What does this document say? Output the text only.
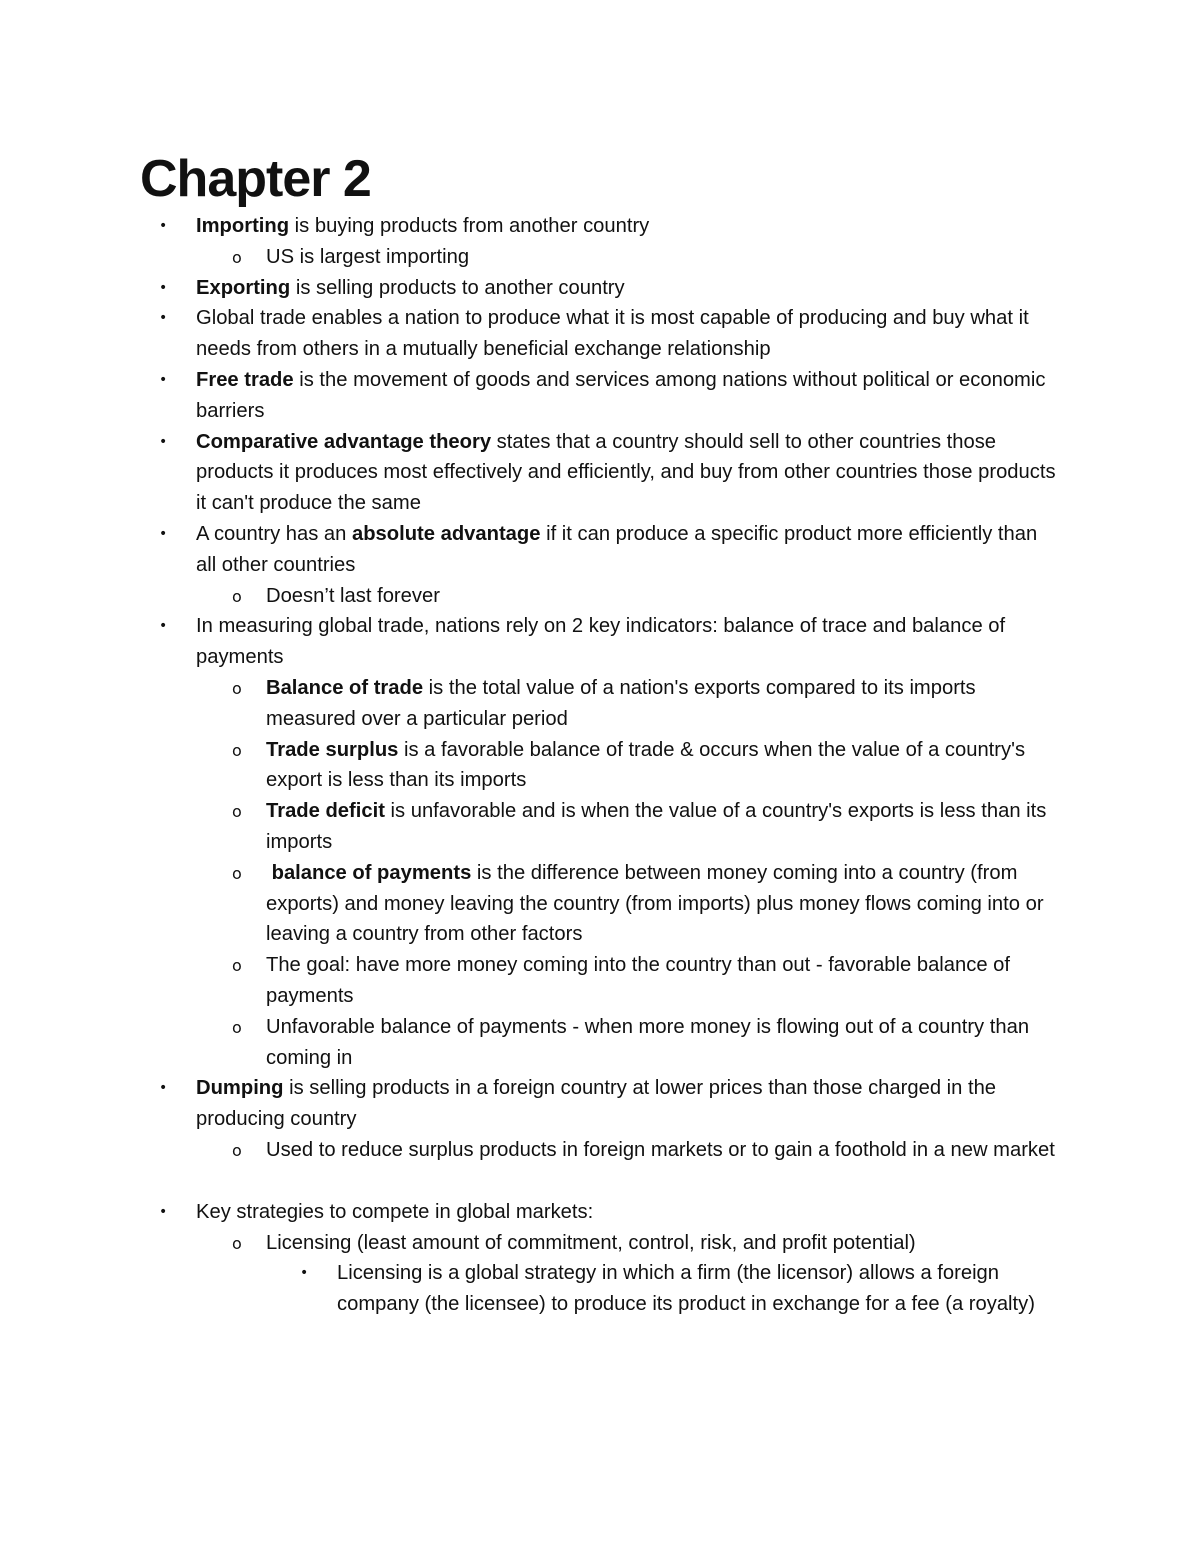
Chapter 2
• Importing is buying products from another country
o US is largest importing
• Exporting is selling products to another country
• Global trade enables a nation to produce what it is most capable of producing and buy what it needs from others in a mutually beneficial exchange relationship
• Free trade is the movement of goods and services among nations without political or economic barriers
• Comparative advantage theory states that a country should sell to other countries those products it produces most effectively and efficiently, and buy from other countries those products it can't produce the same
• A country has an absolute advantage if it can produce a specific product more efficiently than all other countries
o Doesn’t last forever
• In measuring global trade, nations rely on 2 key indicators: balance of trace and balance of payments
o Balance of trade is the total value of a nation's exports compared to its imports measured over a particular period
o Trade surplus is a favorable balance of trade & occurs when the value of a country's export is less than its imports
o Trade deficit is unfavorable and is when the value of a country's exports is less than its imports
o balance of payments is the difference between money coming into a country (from exports) and money leaving the country (from imports) plus money flows coming into or leaving a country from other factors
o The goal: have more money coming into the country than out - favorable balance of payments
o Unfavorable balance of payments - when more money is flowing out of a country than coming in
• Dumping is selling products in a foreign country at lower prices than those charged in the producing country
o Used to reduce surplus products in foreign markets or to gain a foothold in a new market
• Key strategies to compete in global markets:
o Licensing (least amount of commitment, control, risk, and profit potential)
• Licensing is a global strategy in which a firm (the licensor) allows a foreign company (the licensee) to produce its product in exchange for a fee (a royalty)
